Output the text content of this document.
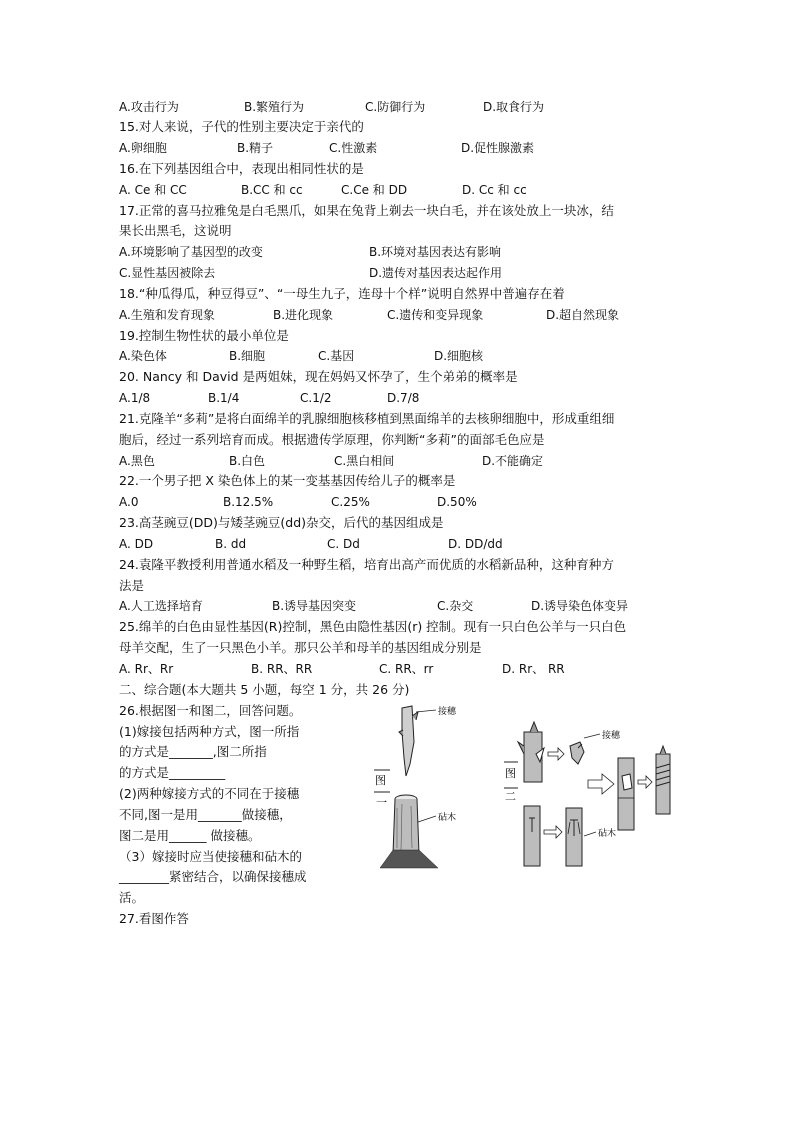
A.攻击行为	B.繁殖行为	C.防御行为	D.取食行为
15.对人来说，子代的性别主要决定于亲代的
A.卵细胞	B.精子	C.性激素	D.促性腺激素
16.在下列基因组合中，表现出相同性状的是
A. Ce 和 CC	B.CC 和 cc	C.Ce 和 DD	D. Cc 和 cc
17.正常的喜马拉雅兔是白毛黑爪，如果在兔背上剃去一块白毛，并在该处放上一块冰，结
果长出黑毛，这说明
A.环境影响了基因型的改变	B.环境对基因表达有影响
C.显性基因被除去	D.遗传对基因表达起作用
18.“种瓜得瓜，种豆得豆”、“一母生九子，连母十个样”说明自然界中普遍存在着
A.生殖和发育现象	B.进化现象	C.遗传和变异现象	D.超自然现象
19.控制生物性状的最小单位是
A.染色体	B.细胞	C.基因	D.细胞核
20. Nancy 和 David 是两姐妹，现在妈妈又怀孕了，生个弟弟的概率是
A.1/8	B.1/4	C.1/2	D.7/8
21.克隆羊“多莉”是将白面绵羊的乳腺细胞核移植到黑面绵羊的去核卵细胞中，形成重组细
胞后，经过一系列培育而成。根据遗传学原理，你判断“多莉”的面部毛色应是
A.黑色	B.白色	C.黑白相间	D.不能确定
22.一个男子把 X 染色体上的某一变基基因传给儿子的概率是
A.0	B.12.5%	C.25%	D.50%
23.高茎豌豆(DD)与矮茎豌豆(dd)杂交，后代的基因组成是
A. DD	B. dd	C. Dd	D. DD/dd
24.袁隆平教授利用普通水稻及一种野生稻，培育出高产而优质的水稻新品种，这种育种方
法是
A.人工选择培育	B.诱导基因突变	C.杂交	D.诱导染色体变异
25.绵羊的白色由显性基因(R)控制，黑色由隐性基因(r) 控制。现有一只白色公羊与一只白色
母羊交配，生了一只黑色小羊。那只公羊和母羊的基因组成分别是
A. Rr、Rr	B. RR、RR	C. RR、rr	D. Rr、 RR
二、综合题(本大题共 5 小题，每空 1 分，共 26 分)
26.根据图一和图二，回答问题。
(1)嫁接包括两种方式，图一所指
的方式是_______,图二所指
的方式是_________
(2)两种嫁接方式的不同在于接穗
不同,图一是用_______做接穗，
图二是用______ 做接穗。
（3）嫁接时应当使接穗和砧木的
________紧密结合，以确保接穗成
活。
27.看图作答
图
一
接穗
砧木
图
二
接穗
砧木
